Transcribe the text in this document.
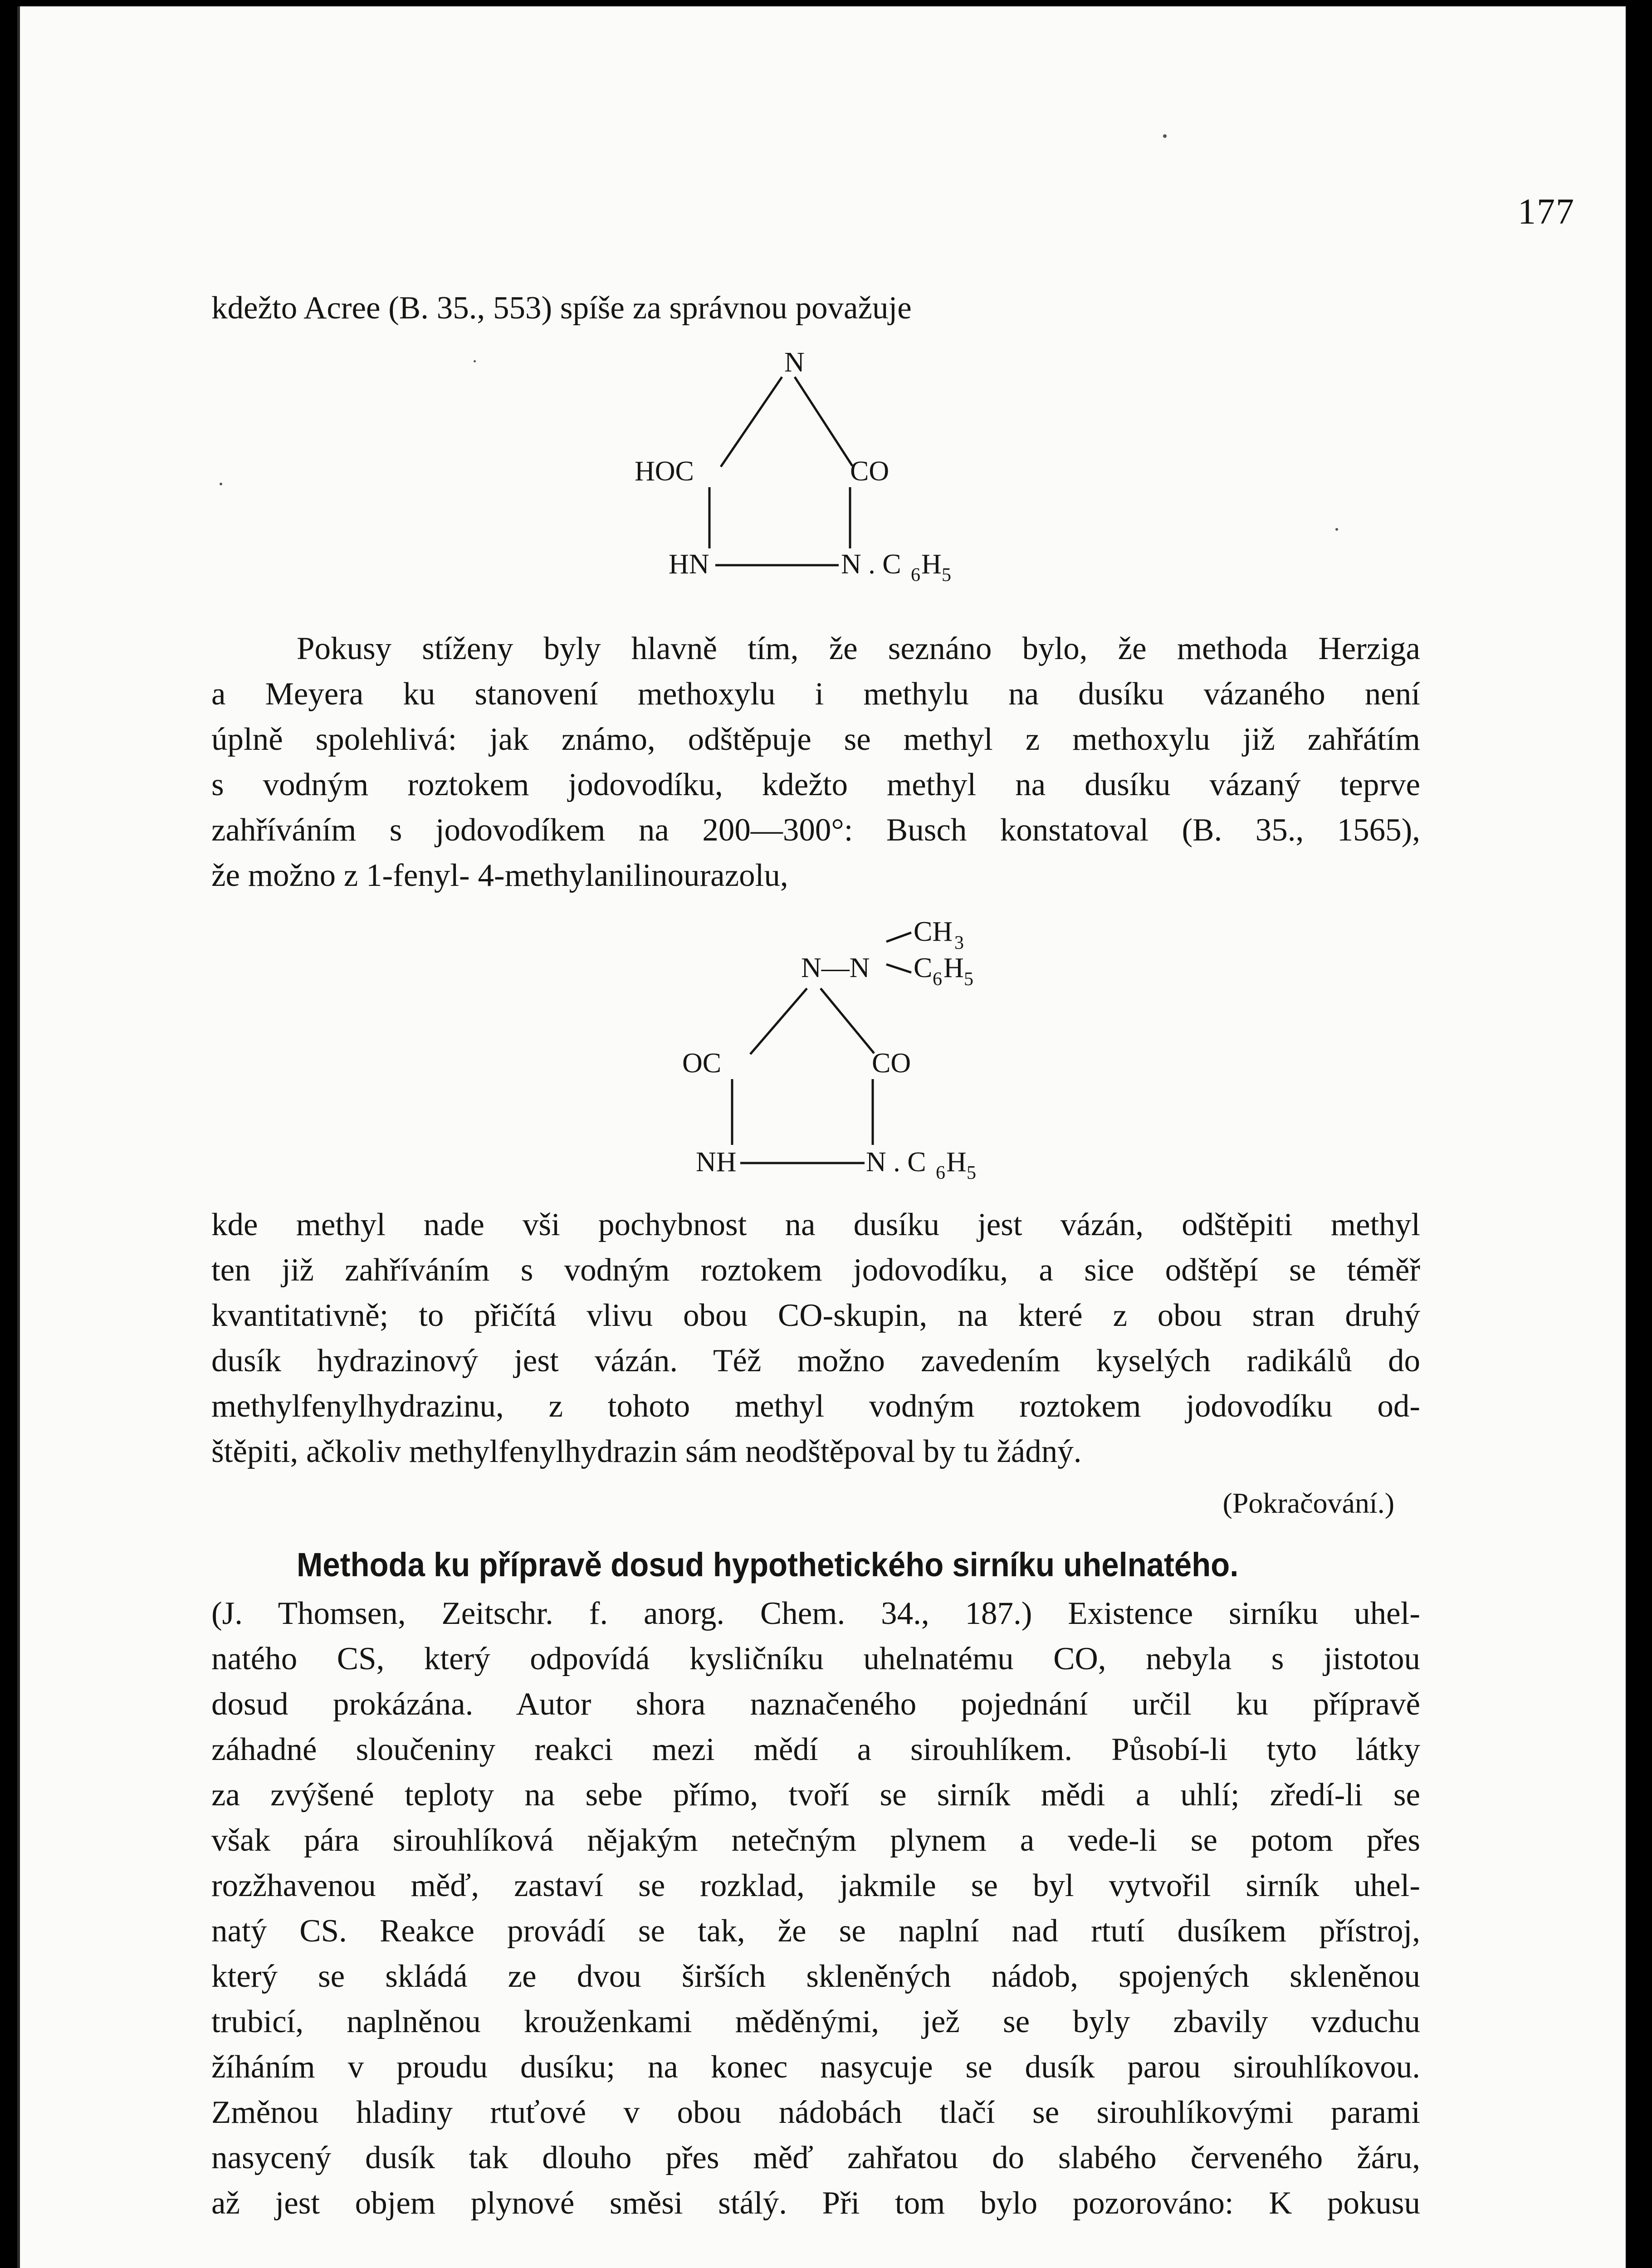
177
kdežto Acree (B. 35., 553) spíše za správnou považuje
N
HOC	CO
HN	N . C 6 H 5
Pokusy stíženy byly hlavně tím, že seznáno bylo, že methoda Herziga
a Meyera ku stanovení methoxylu i methylu na dusíku vázaného není
úplně spolehlivá: jak známo, odštěpuje se methyl z methoxylu již zahřátím
s vodným roztokem jodovodíku, kdežto methyl na dusíku vázaný teprve
zahříváním s jodovodíkem na 200—300°: Busch konstatoval (B. 35., 1565),
že možno z 1-fenyl- 4-methylanilinourazolu,
CH 3
N—N C 6 H 5
OC	CO
NH	N . C 6 H 5
kde methyl nade vši pochybnost na dusíku jest vázán, odštěpiti methyl
ten již zahříváním s vodným roztokem jodovodíku, a sice odštěpí se téměř
kvantitativně; to přičítá vlivu obou CO-skupin, na které z obou stran druhý
dusík hydrazinový jest vázán. Též možno zavedením kyselých radikálů do
methylfenylhydrazinu, z tohoto methyl vodným roztokem jodovodíku od-
štěpiti, ačkoliv methylfenylhydrazin sám neodštěpoval by tu žádný.
(Pokračování.)
Methoda ku přípravě dosud hypothetického sirníku uhelnatého.
(J. Thomsen, Zeitschr. f. anorg. Chem. 34., 187.) Existence sirníku uhel-
natého CS, který odpovídá kysličníku uhelnatému CO, nebyla s jistotou
dosud prokázána. Autor shora naznačeného pojednání určil ku přípravě
záhadné sloučeniny reakci mezi mědí a sirouhlíkem. Působí-li tyto látky
za zvýšené teploty na sebe přímo, tvoří se sirník mědi a uhlí; zředí-li se
však pára sirouhlíková nějakým netečným plynem a vede-li se potom přes
rozžhavenou měď, zastaví se rozklad, jakmile se byl vytvořil sirník uhel-
natý CS. Reakce provádí se tak, že se naplní nad rtutí dusíkem přístroj,
který se skládá ze dvou širších skleněných nádob, spojených skleněnou
trubicí, naplněnou krouženkami měděnými, jež se byly zbavily vzduchu
žíháním v proudu dusíku; na konec nasycuje se dusík parou sirouhlíkovou.
Změnou hladiny rtuťové v obou nádobách tlačí se sirouhlíkovými parami
nasycený dusík tak dlouho přes měď zahřatou do slabého červeného žáru,
až jest objem plynové směsi stálý. Při tom bylo pozorováno: K pokusu
